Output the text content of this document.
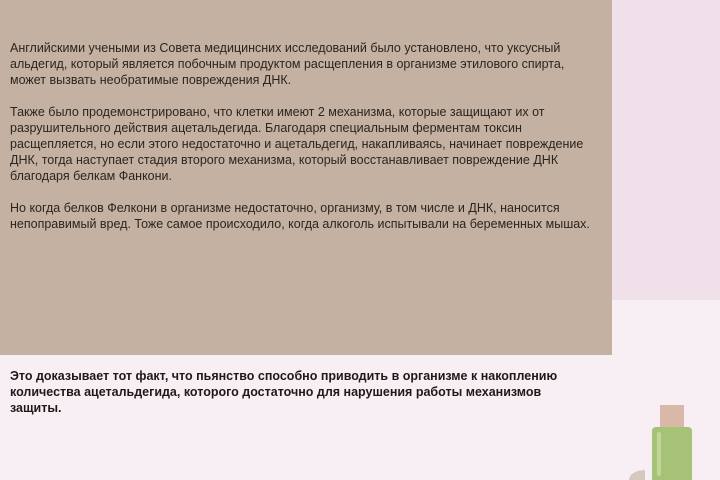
Английскими учеными из Совета медицинсних исследований было установлено, что уксусный альдегид, который является побочным продуктом расщепления в организме этилового спирта, может вызвать необратимые повреждения ДНК.

Также было продемонстрировано, что клетки имеют 2 механизма, которые защищают их от разрушительного действия ацетальдегида. Благодаря специальным ферментам токсин расщепляется, но если этого недостаточно и ацетальдегид, накапливаясь, начинает повреждение ДНК, тогда наступает стадия второго механизма, который восстанавливает повреждение ДНК благодаря белкам Фанкони.

Но когда белков Фелкони в организме недостаточно, организму, в том числе и ДНК, наносится непоправимый вред. Тоже самое происходило, когда алкоголь испытывали на беременных мышах.

Это доказывает тот факт, что пьянство способно приводить в организме к накоплению количества ацетальдегида, которого достаточно для нарушения работы механизмов защиты.
